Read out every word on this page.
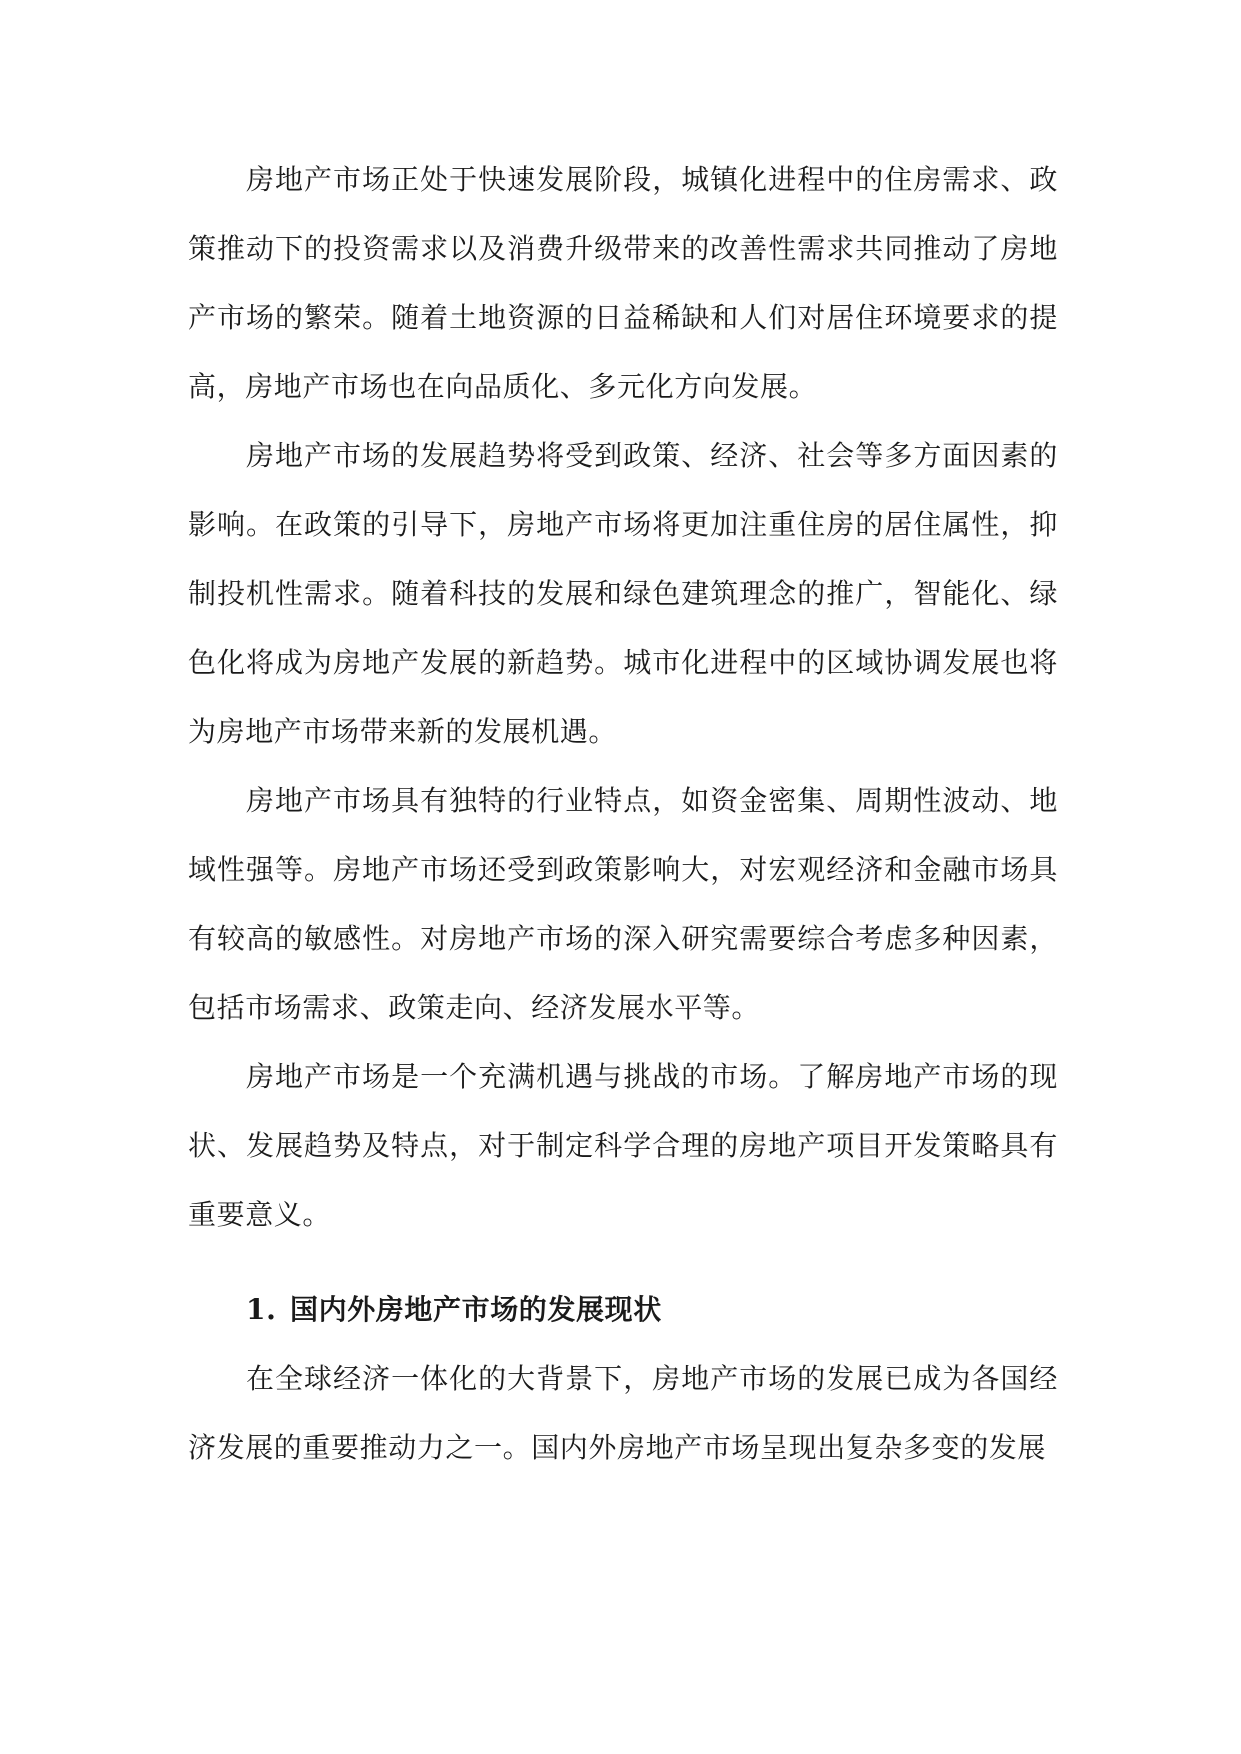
房地产市场正处于快速发展阶段，城镇化进程中的住房需求、政策推动下的投资需求以及消费升级带来的改善性需求共同推动了房地产市场的繁荣。随着土地资源的日益稀缺和人们对居住环境要求的提高，房地产市场也在向品质化、多元化方向发展。

房地产市场的发展趋势将受到政策、经济、社会等多方面因素的影响。在政策的引导下，房地产市场将更加注重住房的居住属性，抑制投机性需求。随着科技的发展和绿色建筑理念的推广，智能化、绿色化将成为房地产发展的新趋势。城市化进程中的区域协调发展也将为房地产市场带来新的发展机遇。

房地产市场具有独特的行业特点，如资金密集、周期性波动、地域性强等。房地产市场还受到政策影响大，对宏观经济和金融市场具有较高的敏感性。对房地产市场的深入研究需要综合考虑多种因素，包括市场需求、政策走向、经济发展水平等。

房地产市场是一个充满机遇与挑战的市场。了解房地产市场的现状、发展趋势及特点，对于制定科学合理的房地产项目开发策略具有重要意义。

1. 国内外房地产市场的发展现状

在全球经济一体化的大背景下，房地产市场的发展已成为各国经济发展的重要推动力之一。国内外房地产市场呈现出复杂多变的发展
